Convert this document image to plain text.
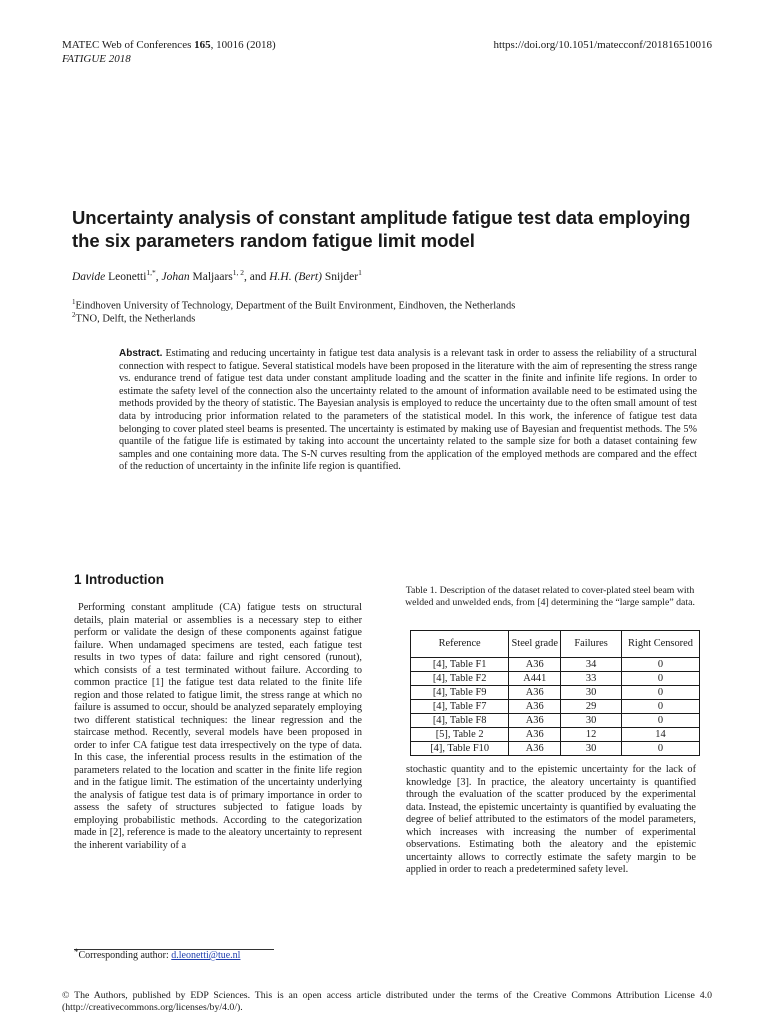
MATEC Web of Conferences 165, 10016 (2018)
FATIGUE 2018
https://doi.org/10.1051/matecconf/201816510016
Uncertainty analysis of constant amplitude fatigue test data employing the six parameters random fatigue limit model
Davide Leonetti$^{1,*}$, Johan Maljaars$^{1, 2}$, and H.H. (Bert) Snijder$^1$
$^1$Eindhoven University of Technology, Department of the Built Environment, Eindhoven, the Netherlands
$^2$TNO, Delft, the Netherlands
Abstract. Estimating and reducing uncertainty in fatigue test data analysis is a relevant task in order to assess the reliability of a structural connection with respect to fatigue. Several statistical models have been proposed in the literature with the aim of representing the stress range vs. endurance trend of fatigue test data under constant amplitude loading and the scatter in the finite and infinite life regions. In order to estimate the safety level of the connection also the uncertainty related to the amount of information available need to be estimated using the methods provided by the theory of statistic. The Bayesian analysis is employed to reduce the uncertainty due to the often small amount of test data by introducing prior information related to the parameters of the statistical model. In this work, the inference of fatigue test data belonging to cover plated steel beams is presented. The uncertainty is estimated by making use of Bayesian and frequentist methods. The 5% quantile of the fatigue life is estimated by taking into account the uncertainty related to the sample size for both a dataset containing few samples and one containing more data. The S-N curves resulting from the application of the employed methods are compared and the effect of the reduction of uncertainty in the infinite life region is quantified.
1 Introduction
Performing constant amplitude (CA) fatigue tests on structural details, plain material or assemblies is a necessary step to either perform or validate the design of these components against fatigue failure. When undamaged specimens are tested, each fatigue test results in two types of data: failure and right censored (runout), which consists of a test terminated without failure. According to common practice [1] the fatigue test data related to the finite life region and those related to fatigue limit, the stress range at which no failure is assumed to occur, should be analyzed separately employing two different statistical techniques: the linear regression and the staircase method. Recently, several models have been proposed in order to infer CA fatigue test data irrespectively on the type of data. In this case, the inferential process results in the estimation of the parameters related to the location and scatter in the finite life region and in the fatigue limit. The estimation of the uncertainty underlying the analysis of fatigue test data is of primary importance in order to assess the safety of structures subjected to fatigue loads by employing probabilistic methods. According to the categorization made in [2], reference is made to the aleatory uncertainty to represent the inherent variability of a
Table 1. Description of the dataset related to cover-plated steel beam with welded and unwelded ends, from [4] determining the “large sample” data.
Reference	Steel grade	Failures	Right Censored
[4], Table F1	A36	34	0
[4], Table F2	A441	33	0
[4], Table F9	A36	30	0
[4], Table F7	A36	29	0
[4], Table F8	A36	30	0
[5], Table 2	A36	12	14
[4], Table F10	A36	30	0
stochastic quantity and to the epistemic uncertainty for the lack of knowledge [3]. In practice, the aleatory uncertainty is quantified through the evaluation of the scatter produced by the experimental data. Instead, the epistemic uncertainty is quantified by evaluating the degree of belief attributed to the estimators of the model parameters, which increases with increasing the number of experimental observations. Estimating both the aleatory and the epistemic uncertainty allows to correctly estimate the safety margin to be applied in order to reach a predetermined safety level.
*Corresponding author: d.leonetti@tue.nl
© The Authors, published by EDP Sciences. This is an open access article distributed under the terms of the Creative Commons Attribution License 4.0 (http://creativecommons.org/licenses/by/4.0/).
